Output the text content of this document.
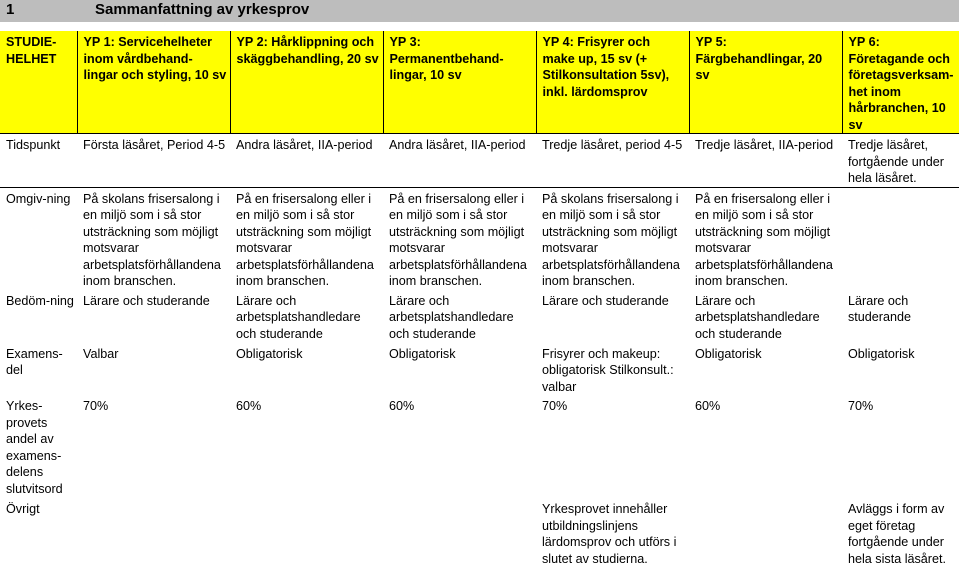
1	Sammanfattning av yrkesprov
STUDIE-HELHET	YP 1: Servicehelheter inom vårdbehand-lingar och styling, 10 sv	YP 2: Hårklippning och skäggbehandling, 20 sv	YP 3: Permanentbehand-lingar, 10 sv	YP 4: Frisyrer och make up, 15 sv (+ Stilkonsultation 5sv), inkl. lärdomsprov	YP 5: Färgbehandlingar, 20 sv	YP 6: Företagande och företagsverksam-het inom hårbranchen, 10 sv
Tidspunkt	Första läsåret, Period 4-5	Andra läsåret, IIA-period	Andra läsåret, IIA-period	Tredje läsåret, period 4-5	Tredje läsåret, IIA-period	Tredje läsåret, fortgående under hela läsåret.
Omgiv-ning	På skolans frisersalong i en miljö som i så stor utsträckning som möjligt motsvarar arbetsplatsförhållandena inom branschen.	På en frisersalong eller i en miljö som i så stor utsträckning som möjligt motsvarar arbetsplatsförhållandena inom branschen.	På en frisersalong eller i en miljö som i så stor utsträckning som möjligt motsvarar arbetsplatsförhållandena inom branschen.	På skolans frisersalong i en miljö som i så stor utsträckning som möjligt motsvarar arbetsplatsförhållandena inom branschen.	På en frisersalong eller i en miljö som i så stor utsträckning som möjligt motsvarar arbetsplatsförhållandena inom branschen.	
Bedöm-ning	Lärare och studerande	Lärare och arbetsplatshandledare och studerande	Lärare och arbetsplatshandledare och studerande	Lärare och studerande	Lärare och arbetsplatshandledare och studerande	Lärare och studerande
Examens-del	Valbar	Obligatorisk	Obligatorisk	Frisyrer och makeup: obligatorisk Stilkonsult.: valbar	Obligatorisk	Obligatorisk
Yrkes-provets andel av examens-delens slutvitsord	70%	60%	60%	70%	60%	70%
Övrigt				Yrkesprovet innehåller utbildningslinjens lärdomsprov och utförs i slutet av studierna.		Avläggs i form av eget företag fortgående under hela sista läsåret.
